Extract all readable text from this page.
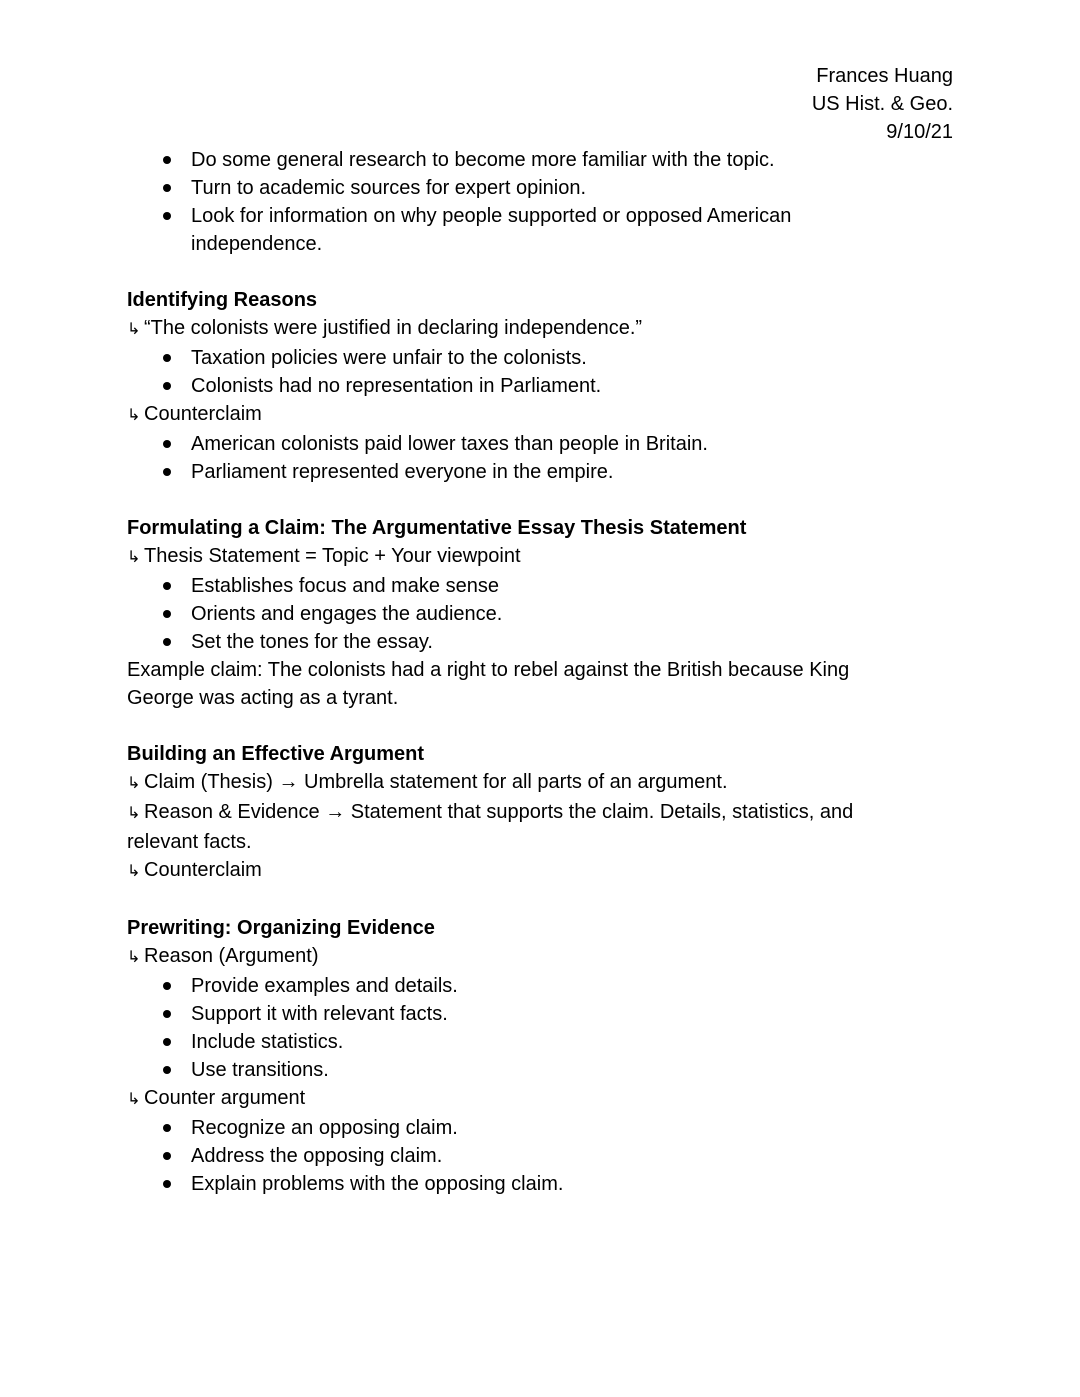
Frances Huang
US Hist. & Geo.
9/10/21
Do some general research to become more familiar with the topic.
Turn to academic sources for expert opinion.
Look for information on why people supported or opposed American independence.
Identifying Reasons
↳ “The colonists were justified in declaring independence.”
Taxation policies were unfair to the colonists.
Colonists had no representation in Parliament.
↳ Counterclaim
American colonists paid lower taxes than people in Britain.
Parliament represented everyone in the empire.
Formulating a Claim: The Argumentative Essay Thesis Statement
↳ Thesis Statement = Topic + Your viewpoint
Establishes focus and make sense
Orients and engages the audience.
Set the tones for the essay.

Example claim: The colonists had a right to rebel against the British because King George was acting as a tyrant.

Building an Effective Argument
↳ Claim (Thesis) → Umbrella statement for all parts of an argument.
↳ Reason & Evidence → Statement that supports the claim. Details, statistics, and relevant facts.
↳ Counterclaim
Prewriting: Organizing Evidence
↳ Reason (Argument)
Provide examples and details.
Support it with relevant facts.
Include statistics.
Use transitions.
↳ Counter argument
Recognize an opposing claim.
Address the opposing claim.
Explain problems with the opposing claim.
